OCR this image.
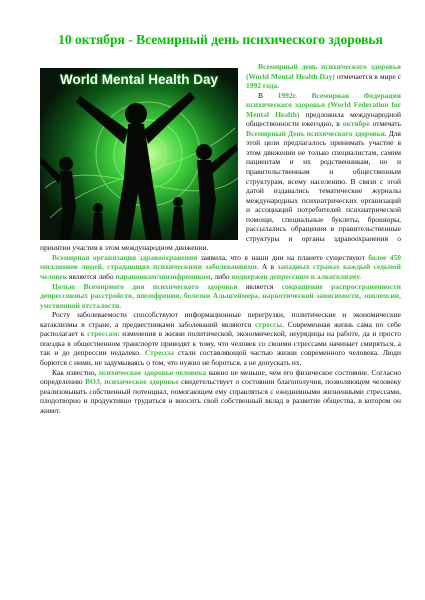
10 октября - Всемирный день психического здоровья
World Mental Health Day

Всемирный день психического здоровья (World Mental Health Day) отмечается в мире с 1992 года.

В 1992г. Всемирная Федерация психического здоровья (World Federation for Mental Health) предложила международной общественности ежегодно, в октябре отмечать Всемирный День психического здоровья. Для этой цели предлагалось принимать участие в этом движении не только специалистам, самим пациентам и их родственникам, но и правительственным и общественным структурам, всему населению. В связи с этой датой издавались тематические журналы международных психиатрических организаций и ассоциаций потребителей психиатрической помощи, специальные буклеты, брошюры, рассылались обращения в правительственные структуры и органы здравоохранения о принятии участия в этом международном движении.

Всемирная организация здравоохранения заявила, что в наши дни на планете существуют более 450 миллионов людей, страдающих психическими заболеваниями. А в западных странах каждый седьмой человек является либо параноиком/шизофреником, либо подвержен депрессиям и алкоголизму.

Целью Всемирного дня психического здоровья является сокращение распространенности депрессивных расстройств, шизофрении, болезни Альцгеймера, наркотической зависимости, эпилепсии, умственной отсталости.

Росту заболеваемости способствуют информационные перегрузки, политические и экономические катаклизмы в стране, а предвестниками заболеваний являются стрессы. Современная жизнь сама по себе располагает к стрессам: изменения в жизни политической, экономической, неурядицы на работе, да и просто поездка в общественном транспорте приводят к тому, что человек со своими стрессами начинает смиряться, а так и до депрессии недалеко. Стрессы стали составляющей частью жизни современного человека. Люди борются с ними, не задумываясь о том, что нужно не бороться, а не допускать их.

Как известно, психическое здоровье человека важно не меньше, чем его физическое состояние. Согласно определению ВОЗ, психическое здоровье свидетельствует о состоянии благополучия, позволяющем человеку реализовывать собственный потенциал, помогающем ему справляться с ежедневными жизненными стрессами, плодотворно и продуктивно трудиться и вносить свой собственный вклад в развитие общества, в котором он живет.
